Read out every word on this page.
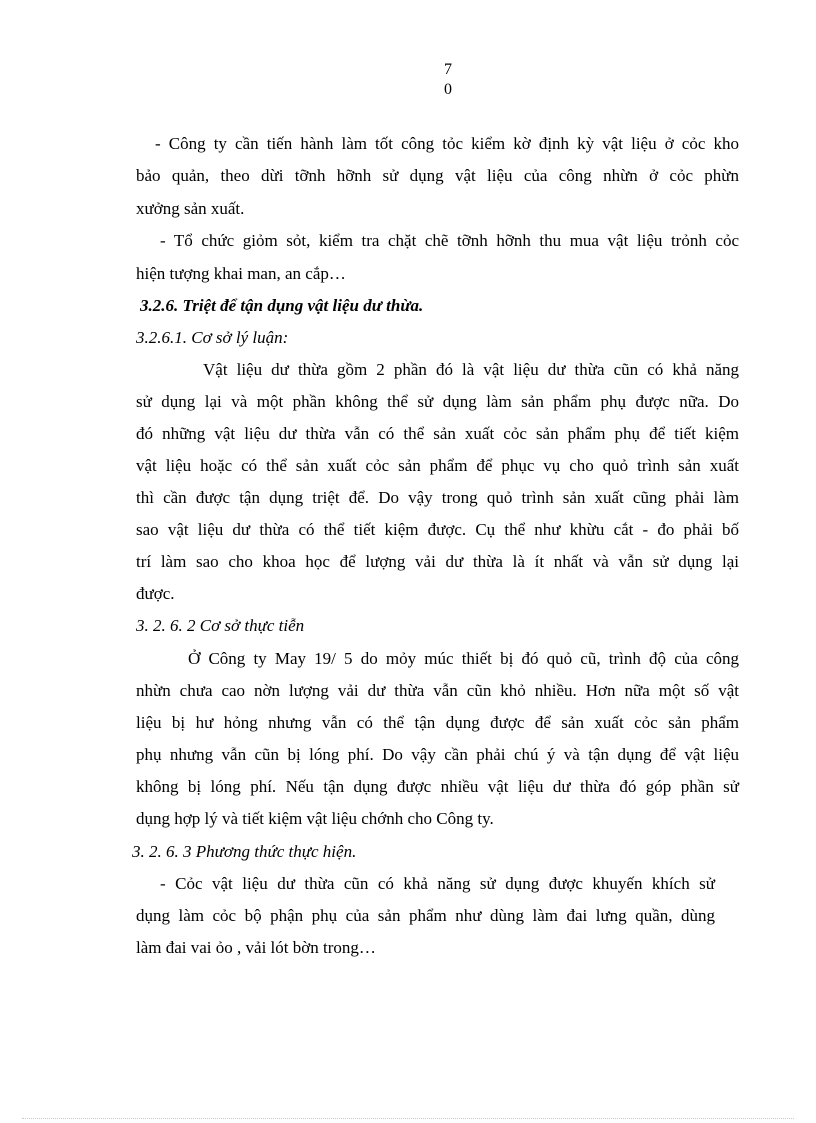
7
0
- Công ty cần tiến hành làm tốt công tỏc kiểm kờ định kỳ vật liệu ở cỏc kho
bảo quản, theo dừi tỡnh hỡnh sử dụng vật liệu của công nhừn ở cỏc phừn
xưởng sản xuất.
- Tổ chức giỏm sỏt, kiểm tra chặt chẽ tỡnh hỡnh thu mua vật liệu trỏnh cỏc
hiện tượng khai man, an cắp…
3.2.6. Triệt để tận dụng vật liệu dư thừa.
3.2.6.1. Cơ sở lý luận:
Vật liệu dư thừa gồm 2 phần đó là vật liệu dư thừa cũn có khả năng
sử dụng lại và một phần không thể sử dụng làm sản phẩm phụ được nữa. Do
đó những vật liệu dư thừa vẫn có thể sản xuất cỏc sản phẩm phụ để tiết kiệm
vật liệu hoặc có thể sản xuất cỏc sản phẩm để phục vụ cho quỏ trình sản xuất
thì cần được tận dụng triệt để. Do vậy trong quỏ trình sản xuất cũng phải làm
sao vật liệu dư thừa có thể tiết kiệm được. Cụ thể như khừu cắt - đo phải bố
trí làm sao cho khoa học để lượng vải dư thừa là ít nhất và vẫn sử dụng lại
được.
3. 2. 6. 2 Cơ sở thực tiễn
Ở Công ty May 19/ 5 do mỏy múc thiết bị đó quỏ cũ, trình độ của công
nhừn chưa cao nờn lượng vải dư thừa vẫn cũn khỏ nhiều. Hơn nữa một số vật
liệu bị hư hỏng nhưng vẫn có thể tận dụng được để sản xuất cỏc sản phẩm
phụ nhưng vẫn cũn bị lóng phí. Do vậy cần phải chú ý và tận dụng để vật liệu
không bị lóng phí. Nếu tận dụng được nhiều vật liệu dư thừa đó góp phần sử
dụng hợp lý và tiết kiệm vật liệu chớnh cho Công ty.
3. 2. 6. 3 Phương thức thực hiện.
- Cỏc vật liệu dư thừa cũn có khả năng sử dụng được khuyến khích sử
dụng làm cỏc bộ phận phụ của sản phẩm như dùng làm đai lưng quần, dùng
làm đai vai ỏo , vải lót bờn trong…
